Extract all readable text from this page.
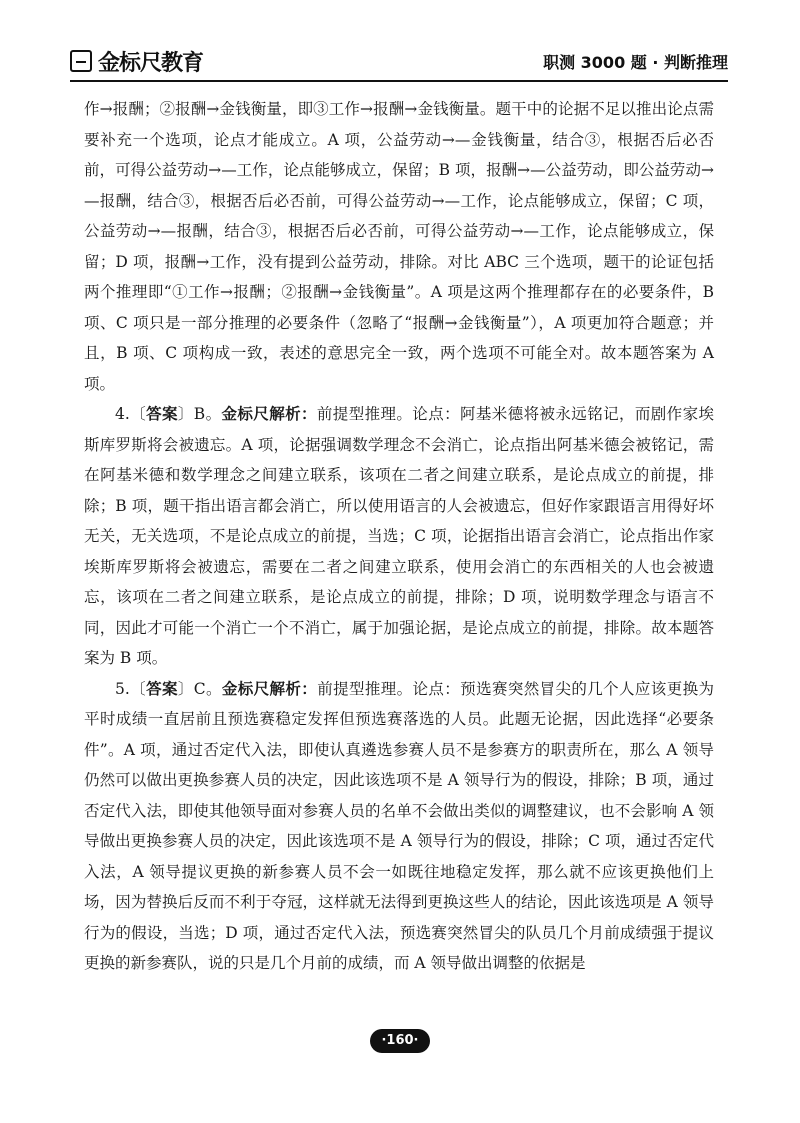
金标尺教育	职测 3000 题 · 判断推理

作→报酬；②报酬→金钱衡量，即③工作→报酬→金钱衡量。题干中的论据不足以推出论点需要补充一个选项，论点才能成立。A 项，公益劳动→—金钱衡量，结合③，根据否后必否前，可得公益劳动→—工作，论点能够成立，保留；B 项，报酬→—公益劳动，即公益劳动→—报酬，结合③，根据否后必否前，可得公益劳动→—工作，论点能够成立，保留；C 项，公益劳动→—报酬，结合③，根据否后必否前，可得公益劳动→—工作，论点能够成立，保留；D 项，报酬→工作，没有提到公益劳动，排除。对比 ABC 三个选项，题干的论证包括两个推理即“①工作→报酬；②报酬→金钱衡量”。A 项是这两个推理都存在的必要条件，B 项、C 项只是一部分推理的必要条件（忽略了“报酬→金钱衡量”），A 项更加符合题意；并且，B 项、C 项构成一致，表述的意思完全一致，两个选项不可能全对。故本题答案为 A 项。

4.〔答案〕B。金标尺解析：前提型推理。论点：阿基米德将被永远铭记，而剧作家埃斯库罗斯将会被遗忘。A 项，论据强调数学理念不会消亡，论点指出阿基米德会被铭记，需在阿基米德和数学理念之间建立联系，该项在二者之间建立联系，是论点成立的前提，排除；B 项，题干指出语言都会消亡，所以使用语言的人会被遗忘，但好作家跟语言用得好坏无关，无关选项，不是论点成立的前提，当选；C 项，论据指出语言会消亡，论点指出作家埃斯库罗斯将会被遗忘，需要在二者之间建立联系，使用会消亡的东西相关的人也会被遗忘，该项在二者之间建立联系，是论点成立的前提，排除；D 项，说明数学理念与语言不同，因此才可能一个消亡一个不消亡，属于加强论据，是论点成立的前提，排除。故本题答案为 B 项。

5.〔答案〕C。金标尺解析：前提型推理。论点：预选赛突然冒尖的几个人应该更换为平时成绩一直居前且预选赛稳定发挥但预选赛落选的人员。此题无论据，因此选择“必要条件”。A 项，通过否定代入法，即使认真遴选参赛人员不是参赛方的职责所在，那么 A 领导仍然可以做出更换参赛人员的决定，因此该选项不是 A 领导行为的假设，排除；B 项，通过否定代入法，即使其他领导面对参赛人员的名单不会做出类似的调整建议，也不会影响 A 领导做出更换参赛人员的决定，因此该选项不是 A 领导行为的假设，排除；C 项，通过否定代入法，A 领导提议更换的新参赛人员不会一如既往地稳定发挥，那么就不应该更换他们上场，因为替换后反而不利于夺冠，这样就无法得到更换这些人的结论，因此该选项是 A 领导行为的假设，当选；D 项，通过否定代入法，预选赛突然冒尖的队员几个月前成绩强于提议更换的新参赛队，说的只是几个月前的成绩，而 A 领导做出调整的依据是

·160·
